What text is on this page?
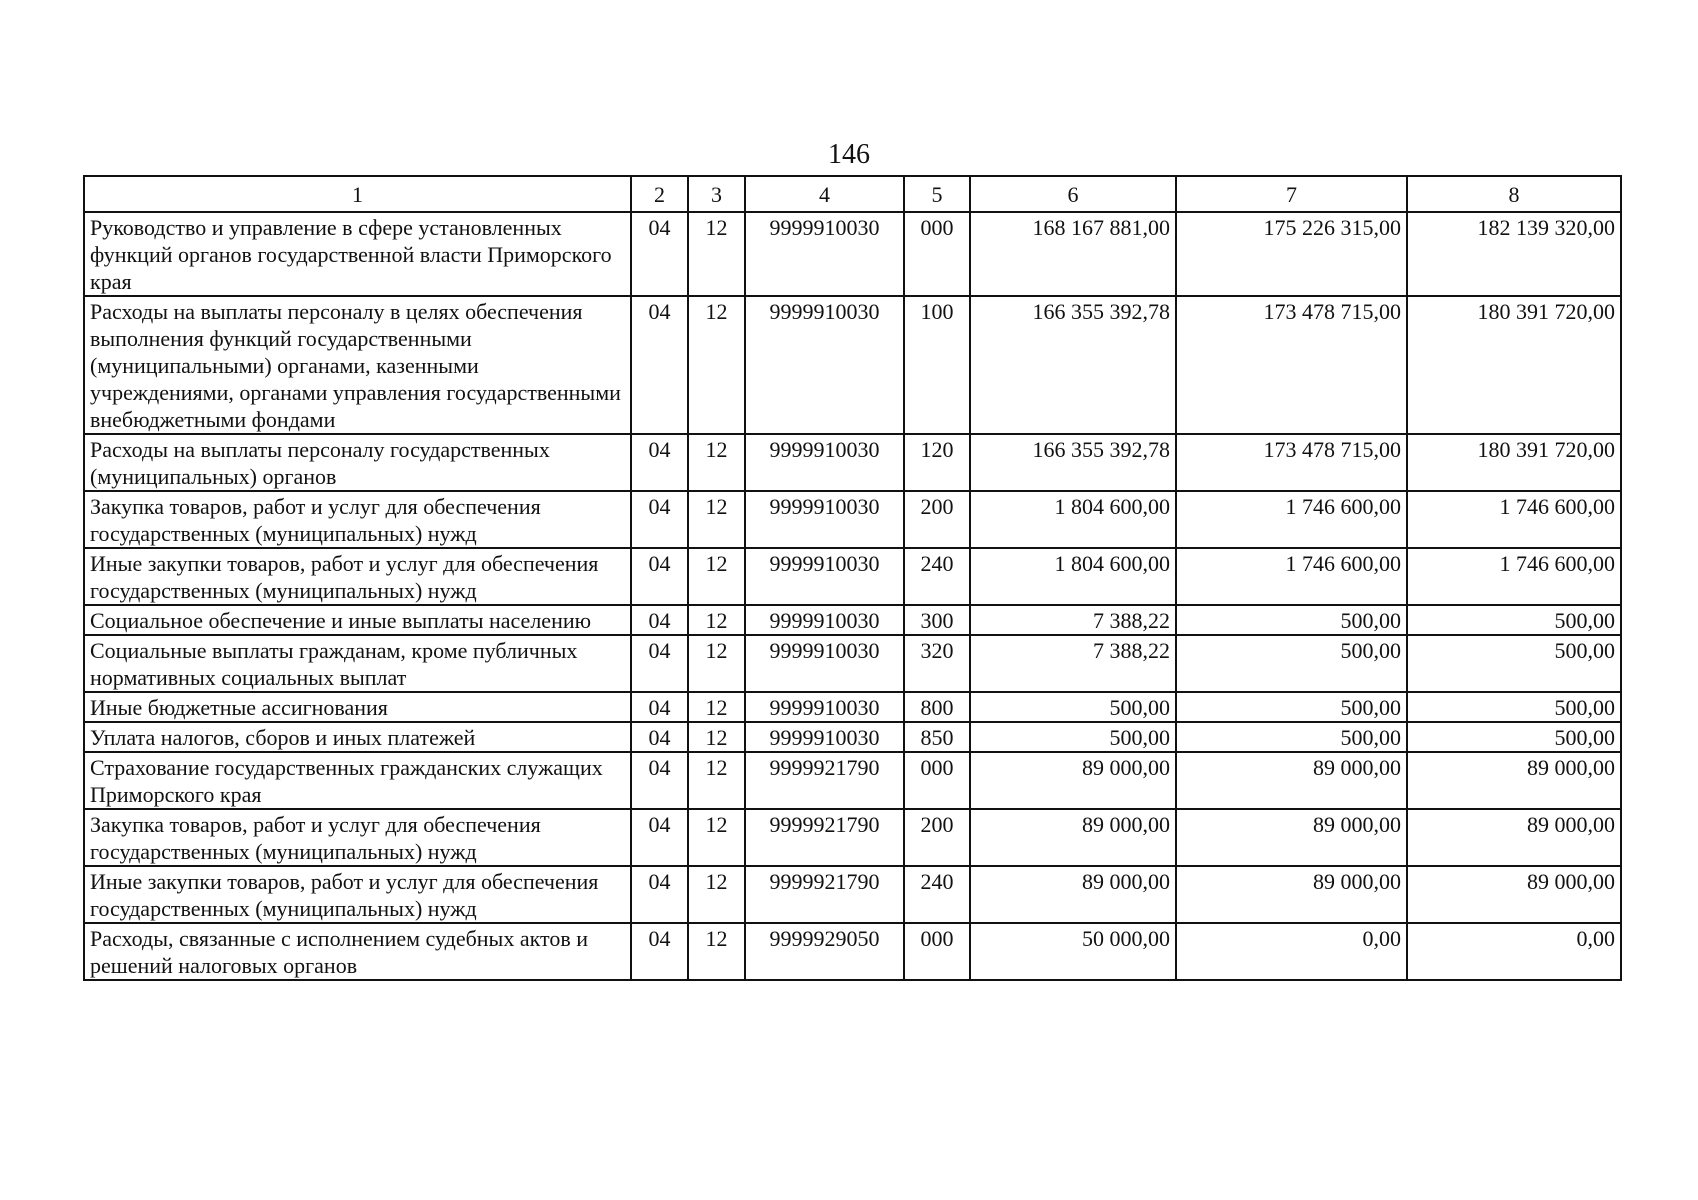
146
1	2	3	4	5	6	7	8
Руководство и управление в сфере установленных функций органов государственной власти Приморского края	04	12	9999910030	000	168 167 881,00	175 226 315,00	182 139 320,00
Расходы на выплаты персоналу в целях обеспечения выполнения функций государственными (муниципальными) органами, казенными учреждениями, органами управления государственными внебюджетными фондами	04	12	9999910030	100	166 355 392,78	173 478 715,00	180 391 720,00
Расходы на выплаты персоналу государственных (муниципальных) органов	04	12	9999910030	120	166 355 392,78	173 478 715,00	180 391 720,00
Закупка товаров, работ и услуг для обеспечения государственных (муниципальных) нужд	04	12	9999910030	200	1 804 600,00	1 746 600,00	1 746 600,00
Иные закупки товаров, работ и услуг для обеспечения государственных (муниципальных) нужд	04	12	9999910030	240	1 804 600,00	1 746 600,00	1 746 600,00
Социальное обеспечение и иные выплаты населению	04	12	9999910030	300	7 388,22	500,00	500,00
Социальные выплаты гражданам, кроме публичных нормативных социальных выплат	04	12	9999910030	320	7 388,22	500,00	500,00
Иные бюджетные ассигнования	04	12	9999910030	800	500,00	500,00	500,00
Уплата налогов, сборов и иных платежей	04	12	9999910030	850	500,00	500,00	500,00
Страхование государственных гражданских служащих Приморского края	04	12	9999921790	000	89 000,00	89 000,00	89 000,00
Закупка товаров, работ и услуг для обеспечения государственных (муниципальных) нужд	04	12	9999921790	200	89 000,00	89 000,00	89 000,00
Иные закупки товаров, работ и услуг для обеспечения государственных (муниципальных) нужд	04	12	9999921790	240	89 000,00	89 000,00	89 000,00
Расходы, связанные с исполнением судебных актов и решений налоговых органов	04	12	9999929050	000	50 000,00	0,00	0,00
